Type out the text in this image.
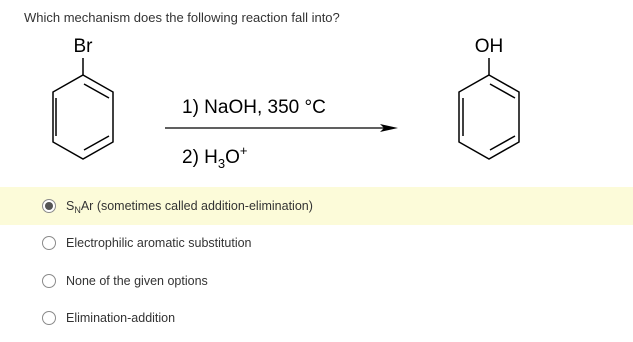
Which mechanism does the following reaction fall into?
Br
1) NaOH, 350 °C
2) $H_3O^+$
OH
$S_NAr$ (sometimes called addition-elimination)
Electrophilic aromatic substitution
None of the given options
Elimination-addition
